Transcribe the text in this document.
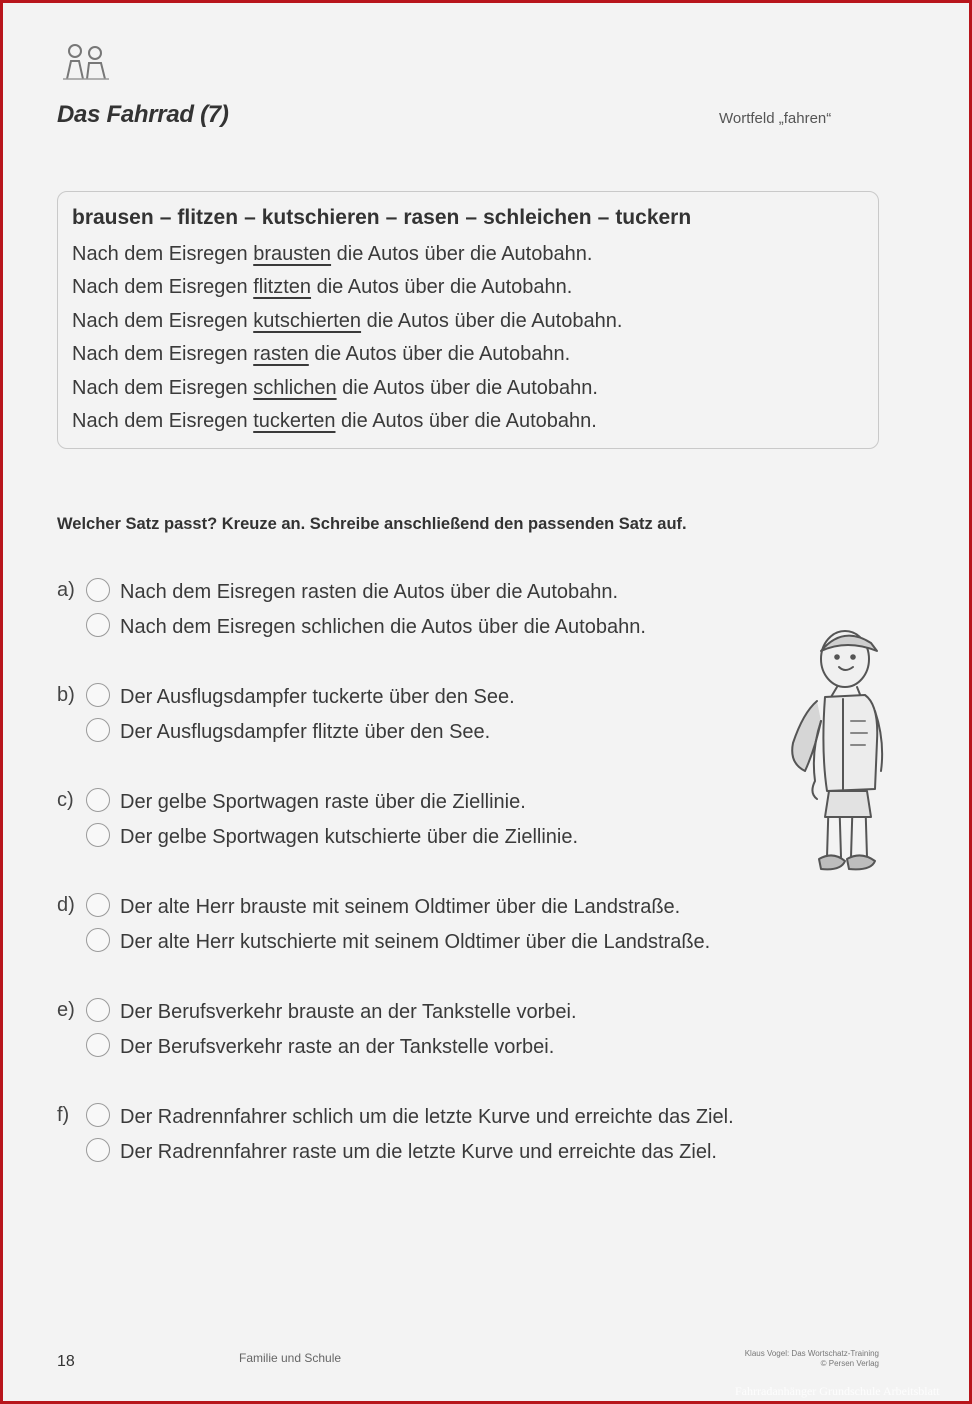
Das Fahrrad (7)	Wortfeld „fahren“
brausen – flitzen – kutschieren – rasen – schleichen – tuckern
Nach dem Eisregen brausten die Autos über die Autobahn.
Nach dem Eisregen flitzten die Autos über die Autobahn.
Nach dem Eisregen kutschierten die Autos über die Autobahn.
Nach dem Eisregen rasten die Autos über die Autobahn.
Nach dem Eisregen schlichen die Autos über die Autobahn.
Nach dem Eisregen tuckerten die Autos über die Autobahn.
Welcher Satz passt? Kreuze an. Schreibe anschließend den passenden Satz auf.
a)	Nach dem Eisregen rasten die Autos über die Autobahn.
Nach dem Eisregen schlichen die Autos über die Autobahn.
b)	Der Ausflugsdampfer tuckerte über den See.
Der Ausflugsdampfer flitzte über den See.
c)	Der gelbe Sportwagen raste über die Ziellinie.
Der gelbe Sportwagen kutschierte über die Ziellinie.
d)	Der alte Herr brauste mit seinem Oldtimer über die Landstraße.
Der alte Herr kutschierte mit seinem Oldtimer über die Landstraße.
e)	Der Berufsverkehr brauste an der Tankstelle vorbei.
Der Berufsverkehr raste an der Tankstelle vorbei.
f)	Der Radrennfahrer schlich um die letzte Kurve und erreichte das Ziel.
Der Radrennfahrer raste um die letzte Kurve und erreichte das Ziel.
18	Familie und Schule	Klaus Vogel: Das Wortschatz-Training
© Persen Verlag
Fahrradanhänger Grundschule Arbeitsblatt
